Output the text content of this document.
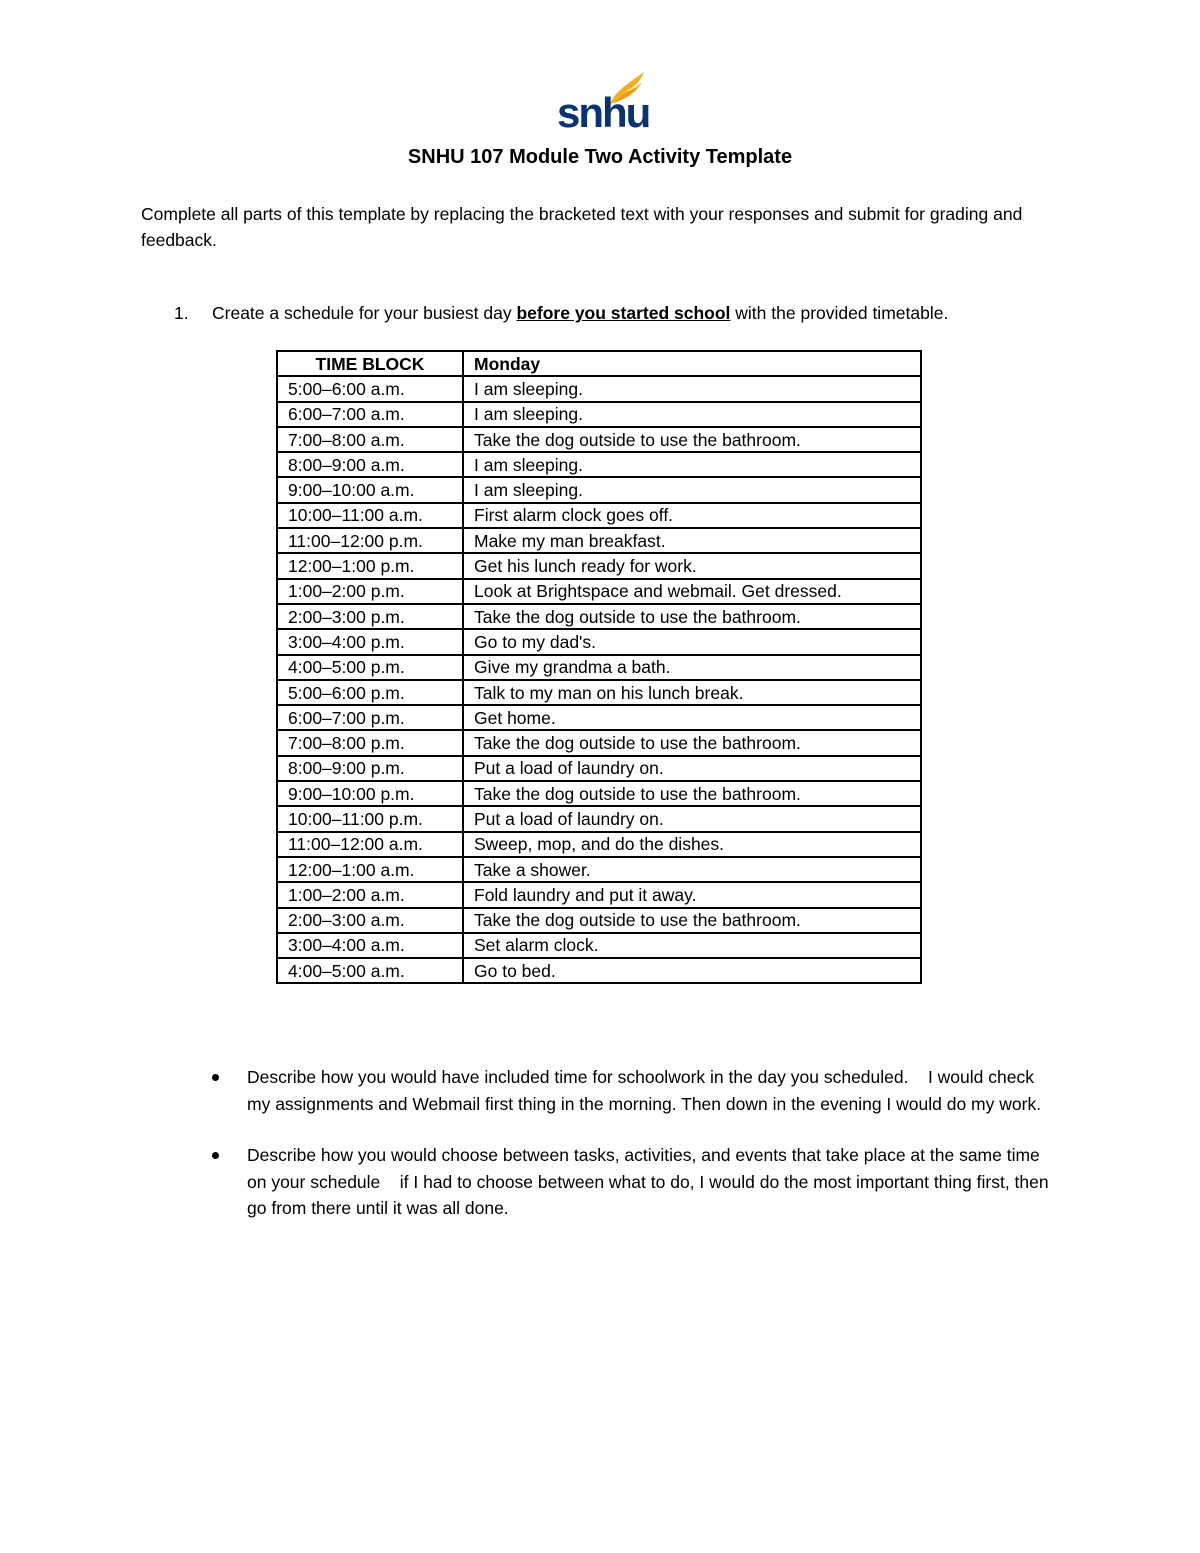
snhu
SNHU 107 Module Two Activity Template
Complete all parts of this template by replacing the bracketed text with your responses and submit for grading and feedback.
1. Create a schedule for your busiest day before you started school with the provided timetable.
TIME BLOCK	Monday
5:00–6:00 a.m.	I am sleeping.
6:00–7:00 a.m.	I am sleeping.
7:00–8:00 a.m.	Take the dog outside to use the bathroom.
8:00–9:00 a.m.	I am sleeping.
9:00–10:00 a.m.	I am sleeping.
10:00–11:00 a.m.	First alarm clock goes off.
11:00–12:00 p.m.	Make my man breakfast.
12:00–1:00 p.m.	Get his lunch ready for work.
1:00–2:00 p.m.	Look at Brightspace and webmail. Get dressed.
2:00–3:00 p.m.	Take the dog outside to use the bathroom.
3:00–4:00 p.m.	Go to my dad's.
4:00–5:00 p.m.	Give my grandma a bath.
5:00–6:00 p.m.	Talk to my man on his lunch break.
6:00–7:00 p.m.	Get home.
7:00–8:00 p.m.	Take the dog outside to use the bathroom.
8:00–9:00 p.m.	Put a load of laundry on.
9:00–10:00 p.m.	Take the dog outside to use the bathroom.
10:00–11:00 p.m.	Put a load of laundry on.
11:00–12:00 a.m.	Sweep, mop, and do the dishes.
12:00–1:00 a.m.	Take a shower.
1:00–2:00 a.m.	Fold laundry and put it away.
2:00–3:00 a.m.	Take the dog outside to use the bathroom.
3:00–4:00 a.m.	Set alarm clock.
4:00–5:00 a.m.	Go to bed.
Describe how you would have included time for schoolwork in the day you scheduled. I would check my assignments and Webmail first thing in the morning. Then down in the evening I would do my work.
Describe how you would choose between tasks, activities, and events that take place at the same time on your schedule if I had to choose between what to do, I would do the most important thing first, then go from there until it was all done.
